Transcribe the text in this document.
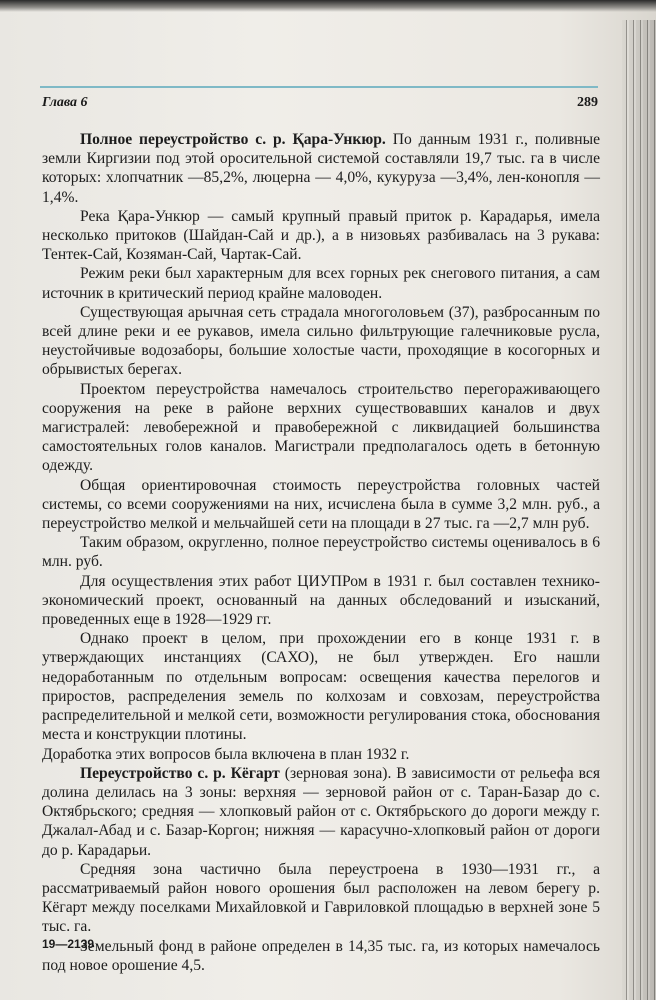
Глава 6	289

Полное переустройство с. р. Қара-Ункюр. По данным 1931 г., поливные земли Киргизии под этой оросительной системой составляли 19,7 тыс. га в числе которых: хлопчатник —85,2%, люцерна — 4,0%, кукуруза —3,4%, лен-конопля —1,4%.

Река Қара-Ункюр — самый крупный правый приток р. Карадарья, имела несколько притоков (Шайдан-Сай и др.), а в низовьях разбивалась на 3 рукава: Тентек-Сай, Козяман-Сай, Чартак-Сай.

Режим реки был характерным для всех горных рек снегового питания, а сам источник в критический период крайне маловоден.

Существующая арычная сеть страдала многоголовьем (37), разбросанным по всей длине реки и ее рукавов, имела сильно фильтрующие галечниковые русла, неустойчивые водозаборы, большие холостые части, проходящие в косогорных и обрывистых берегах.

Проектом переустройства намечалось строительство перегораживающего сооружения на реке в районе верхних существовавших каналов и двух магистралей: левобережной и правобережной с ликвидацией большинства самостоятельных голов каналов. Магистрали предполагалось одеть в бетонную одежду.

Общая ориентировочная стоимость переустройства головных частей системы, со всеми сооружениями на них, исчислена была в сумме 3,2 млн. руб., а переустройство мелкой и мельчайшей сети на площади в 27 тыс. га —2,7 млн руб.

Таким образом, округленно, полное переустройство системы оценивалось в 6 млн. руб.

Для осуществления этих работ ЦИУПРом в 1931 г. был составлен технико-экономический проект, основанный на данных обследований и изысканий, проведенных еще в 1928—1929 гг.

Однако проект в целом, при прохождении его в конце 1931 г. в утверждающих инстанциях (САХО), не был утвержден. Его нашли недоработанным по отдельным вопросам: освещения качества перелогов и приростов, распределения земель по колхозам и совхозам, переустройства распределительной и мелкой сети, возможности регулирования стока, обоснования места и конструкции плотины.

Доработка этих вопросов была включена в план 1932 г.

Переустройство с. р. Кёгарт (зерновая зона). В зависимости от рельефа вся долина делилась на 3 зоны: верхняя — зерновой район от с. Таран-Базар до с. Октябрьского; средняя — хлопковый район от с. Октябрьского до дороги между г. Джалал-Абад и с. Базар-Коргон; нижняя — карасучно-хлопковый район от дороги до р. Карадарьи.

Средняя зона частично была переустроена в 1930—1931 гг., а рассматриваемый район нового орошения был расположен на левом берегу р. Кёгарт между поселками Михайловкой и Гавриловкой площадью в верхней зоне 5 тыс. га.

Земельный фонд в районе определен в 14,35 тыс. га, из которых намечалось под новое орошение 4,5.

19—2139
